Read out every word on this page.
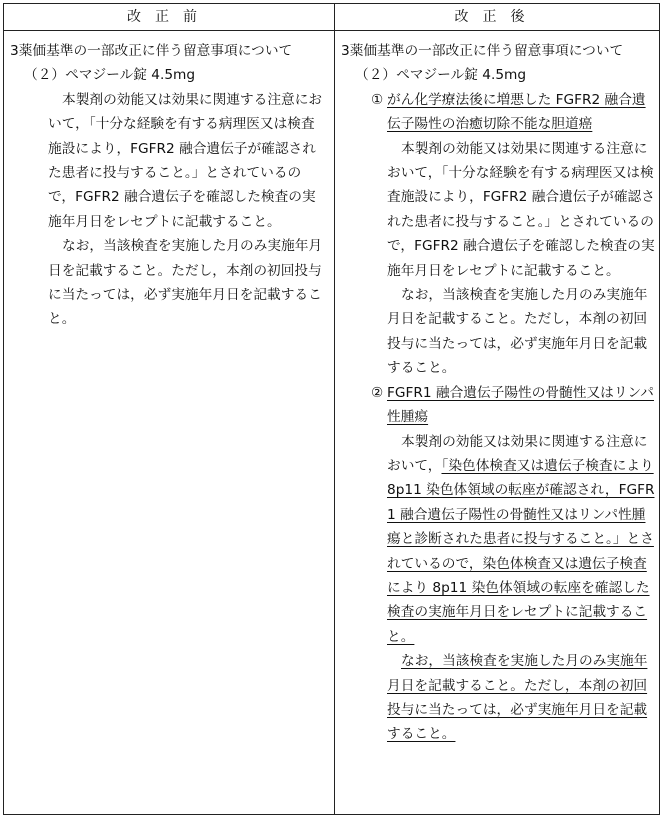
改正前	改正後

3薬価基準の一部改正に伴う留意事項について

（２）ペマジール錠 4.5mg

本製剤の効能又は効果に関連する注意において，「十分な経験を有する病理医又は検査施設により，FGFR2 融合遺伝子が確認された患者に投与すること。」とされているので，FGFR2 融合遺伝子を確認した検査の実施年月日をレセプトに記載すること。

なお，当該検査を実施した月のみ実施年月日を記載すること。ただし，本剤の初回投与に当たっては，必ず実施年月日を記載すること。

3薬価基準の一部改正に伴う留意事項について

（２）ペマジール錠 4.5mg

① がん化学療法後に増悪した FGFR2 融合遺伝子陽性の治癒切除不能な胆道癌

本製剤の効能又は効果に関連する注意において，「十分な経験を有する病理医又は検査施設により，FGFR2 融合遺伝子が確認された患者に投与すること。」とされているので，FGFR2 融合遺伝子を確認した検査の実施年月日をレセプトに記載すること。

なお，当該検査を実施した月のみ実施年月日を記載すること。ただし，本剤の初回投与に当たっては，必ず実施年月日を記載すること。

② FGFR1 融合遺伝子陽性の骨髄性又はリンパ性腫瘍

本製剤の効能又は効果に関連する注意において，「染色体検査又は遺伝子検査により 8p11 染色体領域の転座が確認され，FGFR1 融合遺伝子陽性の骨髄性又はリンパ性腫瘍と診断された患者に投与すること。」とされているので，染色体検査又は遺伝子検査により 8p11 染色体領域の転座を確認した検査の実施年月日をレセプトに記載すること。

なお，当該検査を実施した月のみ実施年月日を記載すること。ただし，本剤の初回投与に当たっては，必ず実施年月日を記載すること。
